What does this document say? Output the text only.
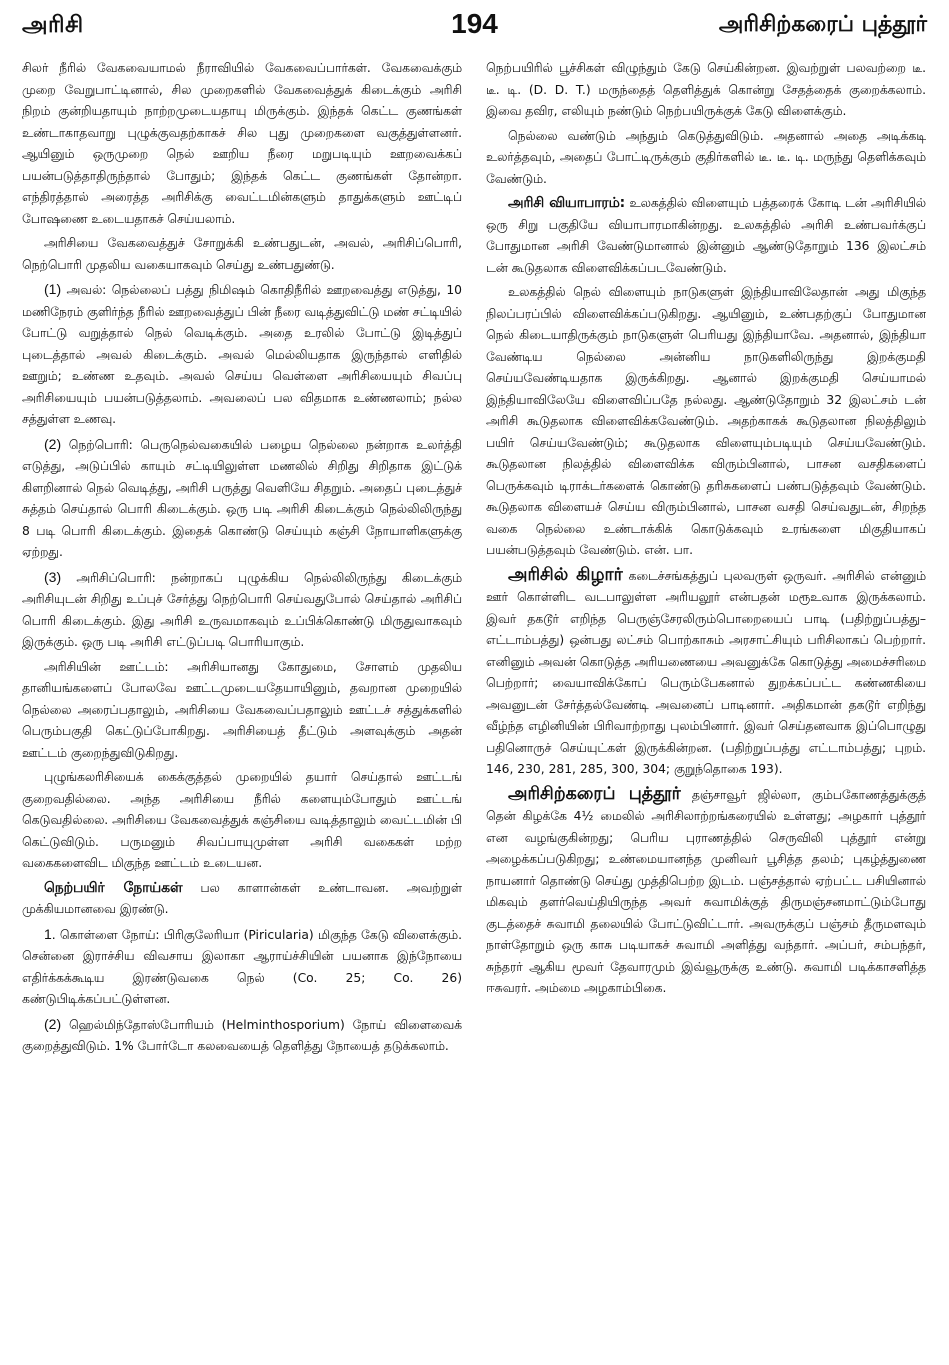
அரிசி	194	அரிசிற்கரைப் புத்தூர்

சிலர் நீரில் வேகவையாமல் நீராவியில் வேகவைப்பார்கள். வேகவைக்கும் முறை வேறுபாட்டினால், சில முறைகளில் வேகவைத்துக் கிடைக்கும் அரிசி நிறம் குன்றியதாயும் நாற்றமுடையதாயு மிருக்கும். இந்தக் கெட்ட குணங்கள் உண்டாகாதவாறு புழுக்குவதற்காகச் சில புது முறைகளை வகுத்துள்ளனர். ஆயினும் ஒருமுறை நெல் ஊறிய நீரை மறுபடியும் ஊறவைக்கப் பயன்படுத்தாதிருந்தால் போதும்; இந்தக் கெட்ட குணங்கள் தோன்றா. எந்திரத்தால் அரைத்த அரிசிக்கு வைட்டமின்களும் தாதுக்களும் ஊட்டிப் போஷணை உடையதாகச் செய்யலாம்.

அரிசியை வேகவைத்துச் சோறுக்கி உண்பதுடன், அவல், அரிசிப்பொரி, நெற்பொரி முதலிய வகையாகவும் செய்து உண்பதுண்டு.

(1) அவல்: நெல்லைப் பத்து நிமிஷம் கொதிநீரில் ஊறவைத்து எடுத்து, 10 மணிநேரம் குளிர்ந்த நீரில் ஊறவைத்துப் பின் நீரை வடித்துவிட்டு மண் சட்டியில் போட்டு வறுத்தால் நெல் வெடிக்கும். அதை உரலில் போட்டு இடித்துப் புடைத்தால் அவல் கிடைக்கும். அவல் மெல்லியதாக இருந்தால் எளிதில் ஊறும்; உண்ண உதவும். அவல் செய்ய வெள்ளை அரிசியையும் சிவப்பு அரிசியையும் பயன்படுத்தலாம். அவலைப் பல விதமாக உண்ணலாம்; நல்ல சத்துள்ள உணவு.

(2) நெற்பொரி: பெருநெல்வகையில் பழைய நெல்லை நன்றாக உலர்த்தி எடுத்து, அடுப்பில் காயும் சட்டியிலுள்ள மணலில் சிறிது சிறிதாக இட்டுக் கிளறினால் நெல் வெடித்து, அரிசி பருத்து வெளியே சிதறும். அதைப் புடைத்துச் சுத்தம் செய்தால் பொரி கிடைக்கும். ஒரு படி அரிசி கிடைக்கும் நெல்லிலிருந்து 8 படி பொரி கிடைக்கும். இதைக் கொண்டு செய்யும் கஞ்சி நோயாளிகளுக்கு ஏற்றது.

(3) அரிசிப்பொரி: நன்றாகப் புழுக்கிய நெல்லிலிருந்து கிடைக்கும் அரிசியுடன் சிறிது உப்புச் சேர்த்து நெற்பொரி செய்வதுபோல் செய்தால் அரிசிப் பொரி கிடைக்கும். இது அரிசி உருவமாகவும் உப்பிக்கொண்டு மிருதுவாகவும் இருக்கும். ஒரு படி அரிசி எட்டுப்படி பொரியாகும்.

அரிசியின் ஊட்டம்: அரிசியானது கோதுமை, சோளம் முதலிய தானியங்களைப் போலவே ஊட்டமுடையதேயாயினும், தவறான முறையில் நெல்லை அரைப்பதாலும், அரிசியை வேகவைப்பதாலும் ஊட்டச் சத்துக்களில் பெரும்பகுதி கெட்டுப்போகிறது. அரிசியைத் தீட்டும் அளவுக்கும் அதன் ஊட்டம் குறைந்துவிடுகிறது.

புழுங்கலரிசியைக் கைக்குத்தல் முறையில் தயார் செய்தால் ஊட்டங் குறைவதில்லை. அந்த அரிசியை நீரில் களையும்போதும் ஊட்டங் கெடுவதில்லை. அரிசியை வேகவைத்துக் கஞ்சியை வடித்தாலும் வைட்டமின் பி கெட்டுவிடும். பருமனும் சிவப்பாயுமுள்ள அரிசி வகைகள் மற்ற வகைகளைவிட மிகுந்த ஊட்டம் உடையன.

நெற்பயிர் நோய்கள் பல காளான்கள் உண்டாவன. அவற்றுள் முக்கியமானவை இரண்டு.

1. கொள்ளை நோய்: பிரிகுலேரியா (Piricularia) மிகுந்த கேடு விளைக்கும். சென்னை இராச்சிய விவசாய இலாகா ஆராய்ச்சியின் பயனாக இந்நோயை எதிர்க்கக்கூடிய இரண்டுவகை நெல் (Co. 25; Co. 26) கண்டுபிடிக்கப்பட்டுள்ளன.

(2) ஹெல்மிந்தோஸ்போரியம் (Helminthosporium) நோய் விளைவைக் குறைத்துவிடும். 1% போர்டோ கலவையைத் தெளித்து நோயைத் தடுக்கலாம்.

நெற்பயிரில் பூச்சிகள் விழுந்தும் கேடு செய்கின்றன. இவற்றுள் பலவற்றை டீ. டீ. டி. (D. D. T.) மருந்தைத் தெளித்துக் கொன்று சேதத்தைக் குறைக்கலாம். இவை தவிர, எலியும் நண்டும் நெற்பயிருக்குக் கேடு விளைக்கும்.

நெல்லை வண்டும் அந்தும் கெடுத்துவிடும். அதனால் அதை அடிக்கடி உலர்த்தவும், அதைப் போட்டிருக்கும் குதிர்களில் டீ. டீ. டி. மருந்து தெளிக்கவும் வேண்டும்.

அரிசி வியாபாரம்: உலகத்தில் விளையும் பத்தரைக் கோடி டன் அரிசியில் ஒரு சிறு பகுதியே வியாபாரமாகின்றது. உலகத்தில் அரிசி உண்பவர்க்குப் போதுமான அரிசி வேண்டுமானால் இன்னும் ஆண்டுதோறும் 136 இலட்சம் டன் கூடுதலாக விளைவிக்கப்படவேண்டும்.

உலகத்தில் நெல் விளையும் நாடுகளுள் இந்தியாவிலேதான் அது மிகுந்த நிலப்பரப்பில் விளைவிக்கப்படுகிறது. ஆயினும், உண்பதற்குப் போதுமான நெல் கிடையாதிருக்கும் நாடுகளுள் பெரியது இந்தியாவே. அதனால், இந்தியா வேண்டிய நெல்லை அன்னிய நாடுகளிலிருந்து இறக்குமதி செய்யவேண்டியதாக இருக்கிறது. ஆனால் இறக்குமதி செய்யாமல் இந்தியாவிலேயே விளைவிப்பதே நல்லது. ஆண்டுதோறும் 32 இலட்சம் டன் அரிசி கூடுதலாக விளைவிக்கவேண்டும். அதற்காகக் கூடுதலான நிலத்திலும் பயிர் செய்யவேண்டும்; கூடுதலாக விளையும்படியும் செய்யவேண்டும். கூடுதலான நிலத்தில் விளைவிக்க விரும்பினால், பாசன வசதிகளைப் பெருக்கவும் டிராக்டர்களைக் கொண்டு தரிசுகளைப் பண்படுத்தவும் வேண்டும். கூடுதலாக விளையச் செய்ய விரும்பினால், பாசன வசதி செய்வதுடன், சிறந்த வகை நெல்லை உண்டாக்கிக் கொடுக்கவும் உரங்களை மிகுதியாகப் பயன்படுத்தவும் வேண்டும். என். பா.

அரிசில் கிழார் கடைச்சங்கத்துப் புலவருள் ஒருவர். அரிசில் என்னும் ஊர் கொள்ளிட வடபாலுள்ள அரியலூர் என்பதன் மரூஉவாக இருக்கலாம். இவர் தகடூர் எறிந்த பெருஞ்சேரலிரும்பொறையைப் பாடி (பதிற்றுப்பத்து–எட்டாம்பத்து) ஒன்பது லட்சம் பொற்காசும் அரசாட்சியும் பரிசிலாகப் பெற்றார். எனினும் அவன் கொடுத்த அரியணையை அவனுக்கே கொடுத்து அமைச்சரிமை பெற்றார்; வையாவிக்கோப் பெரும்பேகனால் துறக்கப்பட்ட கண்ணகியை அவனுடன் சேர்த்தல்வேண்டி அவனைப் பாடினார். அதிகமான் தகடூர் எறிந்து வீழ்ந்த எழினியின் பிரிவாற்றாது புலம்பினார். இவர் செய்தனவாக இப்பொழுது பதினொருச் செய்யுட்கள் இருக்கின்றன. (பதிற்றுப்பத்து எட்டாம்பத்து; புறம். 146, 230, 281, 285, 300, 304; குறுந்தொகை 193).

அரிசிற்கரைப் புத்தூர் தஞ்சாவூர் ஜில்லா, கும்பகோணத்துக்குத் தென் கிழக்கே 4½ மைலில் அரிசிலாற்றங்கரையில் உள்ளது; அழகார் புத்தூர் என வழங்குகின்றது; பெரிய புராணத்தில் செருவிலி புத்தூர் என்று அழைக்கப்படுகிறது; உண்மையானந்த முனிவர் பூசித்த தலம்; புகழ்த்துணை நாயனார் தொண்டு செய்து முத்திபெற்ற இடம். பஞ்சத்தால் ஏற்பட்ட பசியினால் மிகவும் தளர்வெய்தியிருந்த அவர் சுவாமிக்குத் திருமஞ்சனமாட்டும்போது குடத்தைச் சுவாமி தலையில் போட்டுவிட்டார். அவருக்குப் பஞ்சம் தீருமளவும் நாள்தோறும் ஒரு காசு படியாகச் சுவாமி அளித்து வந்தார். அப்பர், சம்பந்தர், சுந்தரர் ஆகிய மூவர் தேவாரமும் இவ்வூருக்கு உண்டு. சுவாமி படிக்காசளித்த ஈசுவரர். அம்மை அழகாம்பிகை.
